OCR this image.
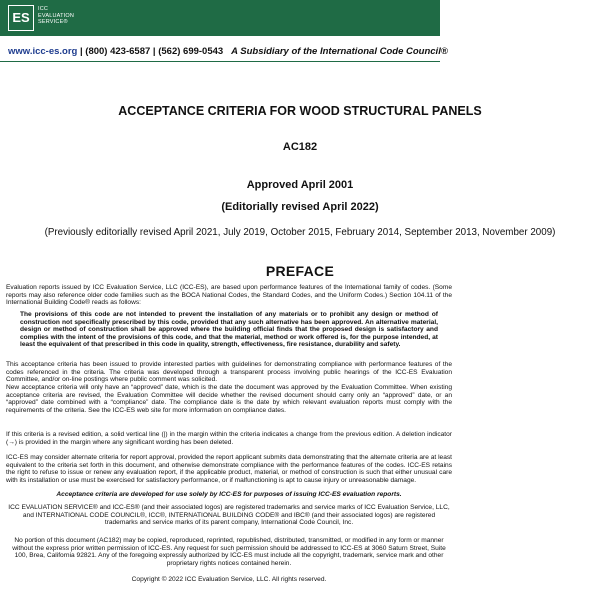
ES
ICC
EVALUATION
SERVICE®
www.icc-es.org | (800) 423-6587 | (562) 699-0543 A Subsidiary of the International Code Council®
ACCEPTANCE CRITERIA FOR WOOD STRUCTURAL PANELS
AC182
Approved April 2001
(Editorially revised April 2022)
(Previously editorially revised April 2021, July 2019, October 2015, February 2014, September 2013, November 2009)
PREFACE
Evaluation reports issued by ICC Evaluation Service, LLC (ICC-ES), are based upon performance features of the International family of codes. (Some reports may also reference older code families such as the BOCA National Codes, the Standard Codes, and the Uniform Codes.) Section 104.11 of the International Building Code® reads as follows:
The provisions of this code are not intended to prevent the installation of any materials or to prohibit any design or method of construction not specifically prescribed by this code, provided that any such alternative has been approved. An alternative material, design or method of construction shall be approved where the building official finds that the proposed design is satisfactory and complies with the intent of the provisions of this code, and that the material, method or work offered is, for the purpose intended, at least the equivalent of that prescribed in this code in quality, strength, effectiveness, fire resistance, durability and safety.
This acceptance criteria has been issued to provide interested parties with guidelines for demonstrating compliance with performance features of the codes referenced in the criteria. The criteria was developed through a transparent process involving public hearings of the ICC-ES Evaluation Committee, and/or on-line postings where public comment was solicited.
New acceptance criteria will only have an “approved” date, which is the date the document was approved by the Evaluation Committee. When existing acceptance criteria are revised, the Evaluation Committee will decide whether the revised document should carry only an “approved” date, or an “approved” date combined with a “compliance” date. The compliance date is the date by which relevant evaluation reports must comply with the requirements of the criteria. See the ICC-ES web site for more information on compliance dates.
If this criteria is a revised edition, a solid vertical line (|) in the margin within the criteria indicates a change from the previous edition. A deletion indicator (→) is provided in the margin where any significant wording has been deleted.
ICC-ES may consider alternate criteria for report approval, provided the report applicant submits data demonstrating that the alternate criteria are at least equivalent to the criteria set forth in this document, and otherwise demonstrate compliance with the performance features of the codes. ICC-ES retains the right to refuse to issue or renew any evaluation report, if the applicable product, material, or method of construction is such that either unusual care with its installation or use must be exercised for satisfactory performance, or if malfunctioning is apt to cause injury or unreasonable damage.
Acceptance criteria are developed for use solely by ICC-ES for purposes of issuing ICC-ES evaluation reports.
ICC EVALUATION SERVICE® and ICC-ES® (and their associated logos) are registered trademarks and service marks of ICC Evaluation Service, LLC, and INTERNATIONAL CODE COUNCIL®, ICC®, INTERNATIONAL BUILDING CODE® and IBC® (and their associated logos) are registered trademarks and service marks of its parent company, International Code Council, Inc.
No portion of this document (AC182) may be copied, reproduced, reprinted, republished, distributed, transmitted, or modified in any form or manner without the express prior written permission of ICC-ES. Any request for such permission should be addressed to ICC-ES at 3060 Saturn Street, Suite 100, Brea, California 92821. Any of the foregoing expressly authorized by ICC-ES must include all the copyright, trademark, service mark and other proprietary rights notices contained herein.
Copyright © 2022 ICC Evaluation Service, LLC. All rights reserved.
